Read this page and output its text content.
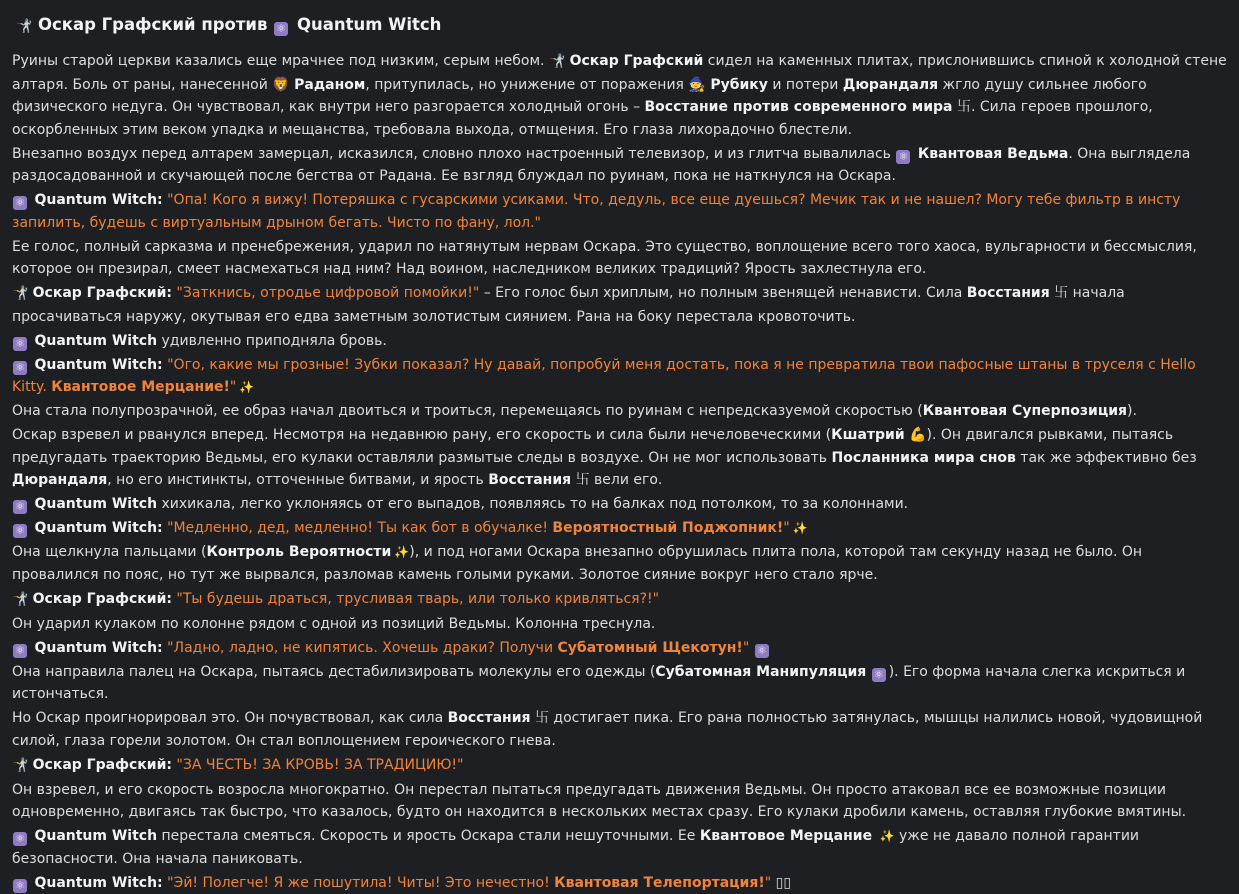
🤺 Оскар Графский против ⚛ Quantum Witch

Руины старой церкви казались еще мрачнее под низким, серым небом. 🤺 Оскар Графский сидел на каменных плитах, прислонившись спиной к холодной стене алтаря. Боль от раны, нанесенной 🦁 Раданом, притупилась, но унижение от поражения 🧙 Рубику и потери Дюрандаля жгло душу сильнее любого физического недуга. Он чувствовал, как внутри него разгорается холодный огонь – Восстание против современного мира 卐. Сила героев прошлого, оскорбленных этим веком упадка и мещанства, требовала выхода, отмщения. Его глаза лихорадочно блестели.

Внезапно воздух перед алтарем замерцал, исказился, словно плохо настроенный телевизор, и из глитча вывалилась ⚛ Квантовая Ведьма. Она выглядела раздосадованной и скучающей после бегства от Радана. Ее взгляд блуждал по руинам, пока не наткнулся на Оскара.

⚛ Quantum Witch: "Опа! Кого я вижу! Потеряшка с гусарскими усиками. Что, дедуль, все еще дуешься? Мечик так и не нашел? Могу тебе фильтр в инсту запилить, будешь с виртуальным дрыном бегать. Чисто по фану, лол."

Ее голос, полный сарказма и пренебрежения, ударил по натянутым нервам Оскара. Это существо, воплощение всего того хаоса, вульгарности и бессмыслия, которое он презирал, смеет насмехаться над ним? Над воином, наследником великих традиций? Ярость захлестнула его.

🤺 Оскар Графский: "Заткнись, отродье цифровой помойки!" – Его голос был хриплым, но полным звенящей ненависти. Сила Восстания 卐 начала просачиваться наружу, окутывая его едва заметным золотистым сиянием. Рана на боку перестала кровоточить.

⚛ Quantum Witch удивленно приподняла бровь.

⚛ Quantum Witch: "Ого, какие мы грозные! Зубки показал? Ну давай, попробуй меня достать, пока я не превратила твои пафосные штаны в труселя с Hello Kitty. Квантовое Мерцание!" ✨

Она стала полупрозрачной, ее образ начал двоиться и троиться, перемещаясь по руинам с непредсказуемой скоростью (Квантовая Суперпозиция).

Оскар взревел и рванулся вперед. Несмотря на недавнюю рану, его скорость и сила были нечеловеческими (Кшатрий 💪). Он двигался рывками, пытаясь предугадать траекторию Ведьмы, его кулаки оставляли размытые следы в воздухе. Он не мог использовать Посланника мира снов так же эффективно без Дюрандаля, но его инстинкты, отточенные битвами, и ярость Восстания 卐 вели его.

⚛ Quantum Witch хихикала, легко уклоняясь от его выпадов, появляясь то на балках под потолком, то за колоннами.

⚛ Quantum Witch: "Медленно, дед, медленно! Ты как бот в обучалке! Вероятностный Поджопник!" ✨

Она щелкнула пальцами (Контроль Вероятности ✨), и под ногами Оскара внезапно обрушилась плита пола, которой там секунду назад не было. Он провалился по пояс, но тут же вырвался, разломав камень голыми руками. Золотое сияние вокруг него стало ярче.

🤺 Оскар Графский: "Ты будешь драться, трусливая тварь, или только кривляться?!"

Он ударил кулаком по колонне рядом с одной из позиций Ведьмы. Колонна треснула.

⚛ Quantum Witch: "Ладно, ладно, не кипятись. Хочешь драки? Получи Субатомный Щекотун!" ⚛

Она направила палец на Оскара, пытаясь дестабилизировать молекулы его одежды (Субатомная Манипуляция ⚛ ). Его форма начала слегка искриться и истончаться.

Но Оскар проигнорировал это. Он почувствовал, как сила Восстания 卐 достигает пика. Его рана полностью затянулась, мышцы налились новой, чудовищной силой, глаза горели золотом. Он стал воплощением героического гнева.

🤺 Оскар Графский: "ЗА ЧЕСТЬ! ЗА КРОВЬ! ЗА ТРАДИЦИЮ!"

Он взревел, и его скорость возросла многократно. Он перестал пытаться предугадать движения Ведьмы. Он просто атаковал все ее возможные позиции одновременно, двигаясь так быстро, что казалось, будто он находится в нескольких местах сразу. Его кулаки дробили камень, оставляя глубокие вмятины.

⚛ Quantum Witch перестала смеяться. Скорость и ярость Оскара стали нешуточными. Ее Квантовое Мерцание ✨ уже не давало полной гарантии безопасности. Она начала паниковать.

⚛ Quantum Witch: "Эй! Полегче! Я же пошутила! Читы! Это нечестно! Квантовая Телепортация!" ▯▯
